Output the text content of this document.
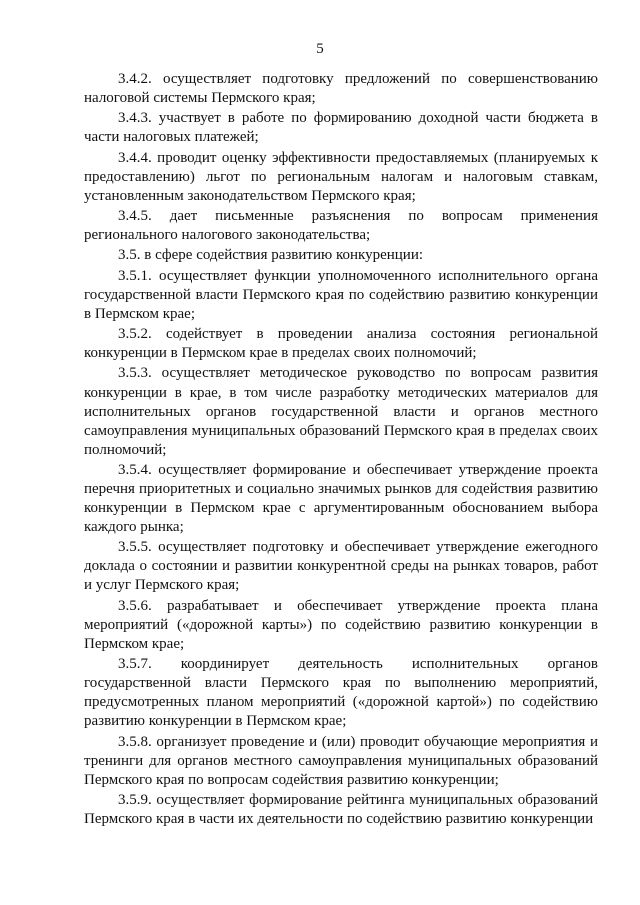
5

3.4.2. осуществляет подготовку предложений по совершенствованию налоговой системы Пермского края;

3.4.3. участвует в работе по формированию доходной части бюджета в части налоговых платежей;

3.4.4. проводит оценку эффективности предоставляемых (планируемых к предоставлению) льгот по региональным налогам и налоговым ставкам, установленным законодательством Пермского края;

3.4.5. дает письменные разъяснения по вопросам применения регионального налогового законодательства;

3.5. в сфере содействия развитию конкуренции:

3.5.1. осуществляет функции уполномоченного исполнительного органа государственной власти Пермского края по содействию развитию конкуренции в Пермском крае;

3.5.2. содействует в проведении анализа состояния региональной конкуренции в Пермском крае в пределах своих полномочий;

3.5.3. осуществляет методическое руководство по вопросам развития конкуренции в крае, в том числе разработку методических материалов для исполнительных органов государственной власти и органов местного самоуправления муниципальных образований Пермского края в пределах своих полномочий;

3.5.4. осуществляет формирование и обеспечивает утверждение проекта перечня приоритетных и социально значимых рынков для содействия развитию конкуренции в Пермском крае с аргументированным обоснованием выбора каждого рынка;

3.5.5. осуществляет подготовку и обеспечивает утверждение ежегодного доклада о состоянии и развитии конкурентной среды на рынках товаров, работ и услуг Пермского края;

3.5.6. разрабатывает и обеспечивает утверждение проекта плана мероприятий («дорожной карты») по содействию развитию конкуренции в Пермском крае;

3.5.7. координирует деятельность исполнительных органов государственной власти Пермского края по выполнению мероприятий, предусмотренных планом мероприятий («дорожной картой») по содействию развитию конкуренции в Пермском крае;

3.5.8. организует проведение и (или) проводит обучающие мероприятия и тренинги для органов местного самоуправления муниципальных образований Пермского края по вопросам содействия развитию конкуренции;

3.5.9. осуществляет формирование рейтинга муниципальных образований Пермского края в части их деятельности по содействию развитию конкуренции
